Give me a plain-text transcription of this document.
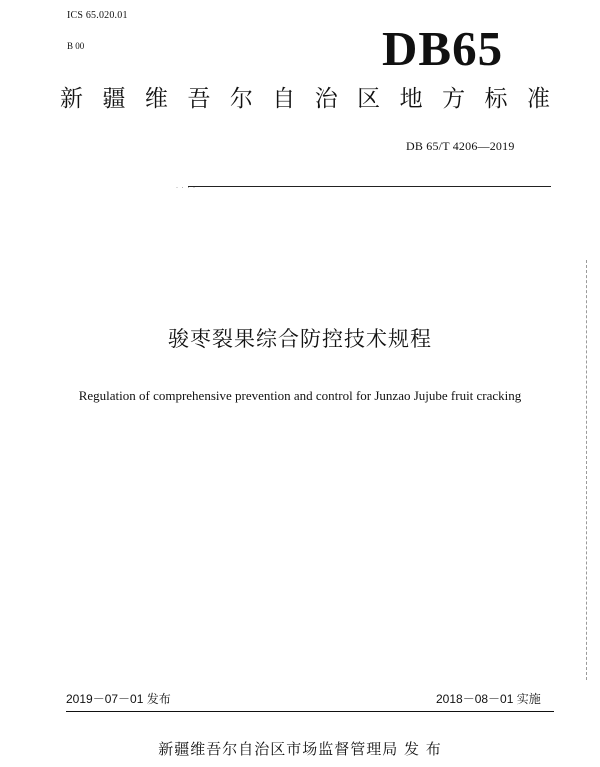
ICS 65.020.01
B 00	DB65
新 疆 维 吾 尔 自 治 区 地 方 标 准
DB 65/T 4206—2019
· · · ·
骏枣裂果综合防控技术规程
Regulation of comprehensive prevention and control for Junzao Jujube fruit cracking
2019－07－01 发布	2018－08－01 实施
新疆维吾尔自治区市场监督管理局 发 布
